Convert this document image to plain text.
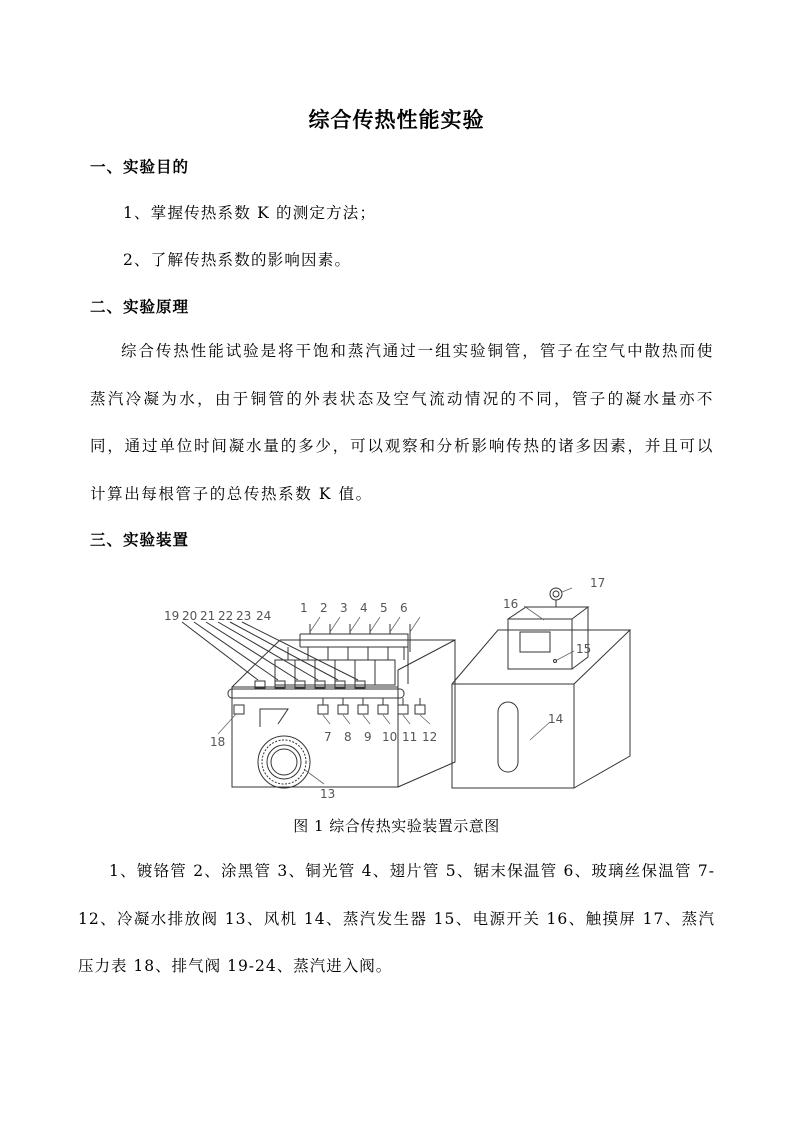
综合传热性能实验
一、实验目的
1、掌握传热系数 K 的测定方法；
2、了解传热系数的影响因素。
二、实验原理

综合传热性能试验是将干饱和蒸汽通过一组实验铜管，管子在空气中散热而使蒸汽冷凝为水，由于铜管的外表状态及空气流动情况的不同，管子的凝水量亦不同，通过单位时间凝水量的多少，可以观察和分析影响传热的诸多因素，并且可以计算出每根管子的总传热系数 K 值。

三、实验装置
19 20 21 22 23 24
1 2 3 4 5 6
7 8 9 10 11 12
18
13
14
15
16
17
图 1 综合传热实验装置示意图

1、镀铬管 2、涂黑管 3、铜光管 4、翅片管 5、锯末保温管 6、玻璃丝保温管 7-12、冷凝水排放阀 13、风机 14、蒸汽发生器 15、电源开关 16、触摸屏 17、蒸汽压力表 18、排气阀 19-24、蒸汽进入阀。
